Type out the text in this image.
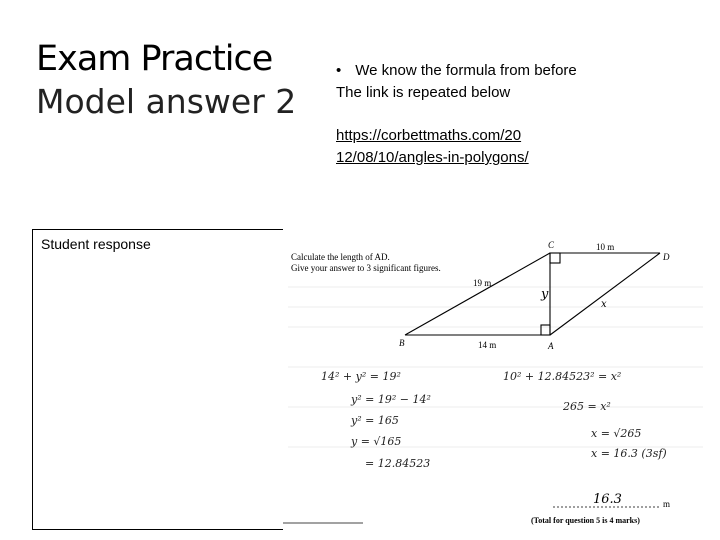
Exam Practice
Model answer 2
• We know the formula from before
The link is repeated below
https://corbettmaths.com/20
12/08/10/angles-in-polygons/
Student response
Calculate the length of AD.
Give your answer to 3 significant figures.
C
D
B	A
10 m
19 m
14 m
y
x
14² + y² = 19²
y² = 19² − 14²
y² = 165
y = √165
= 12.84523
10² + 12.84523² = x²
265 = x²
x = √265
x = 16.3 (3sf)
16.3	m
(Total for question 5 is 4 marks)
